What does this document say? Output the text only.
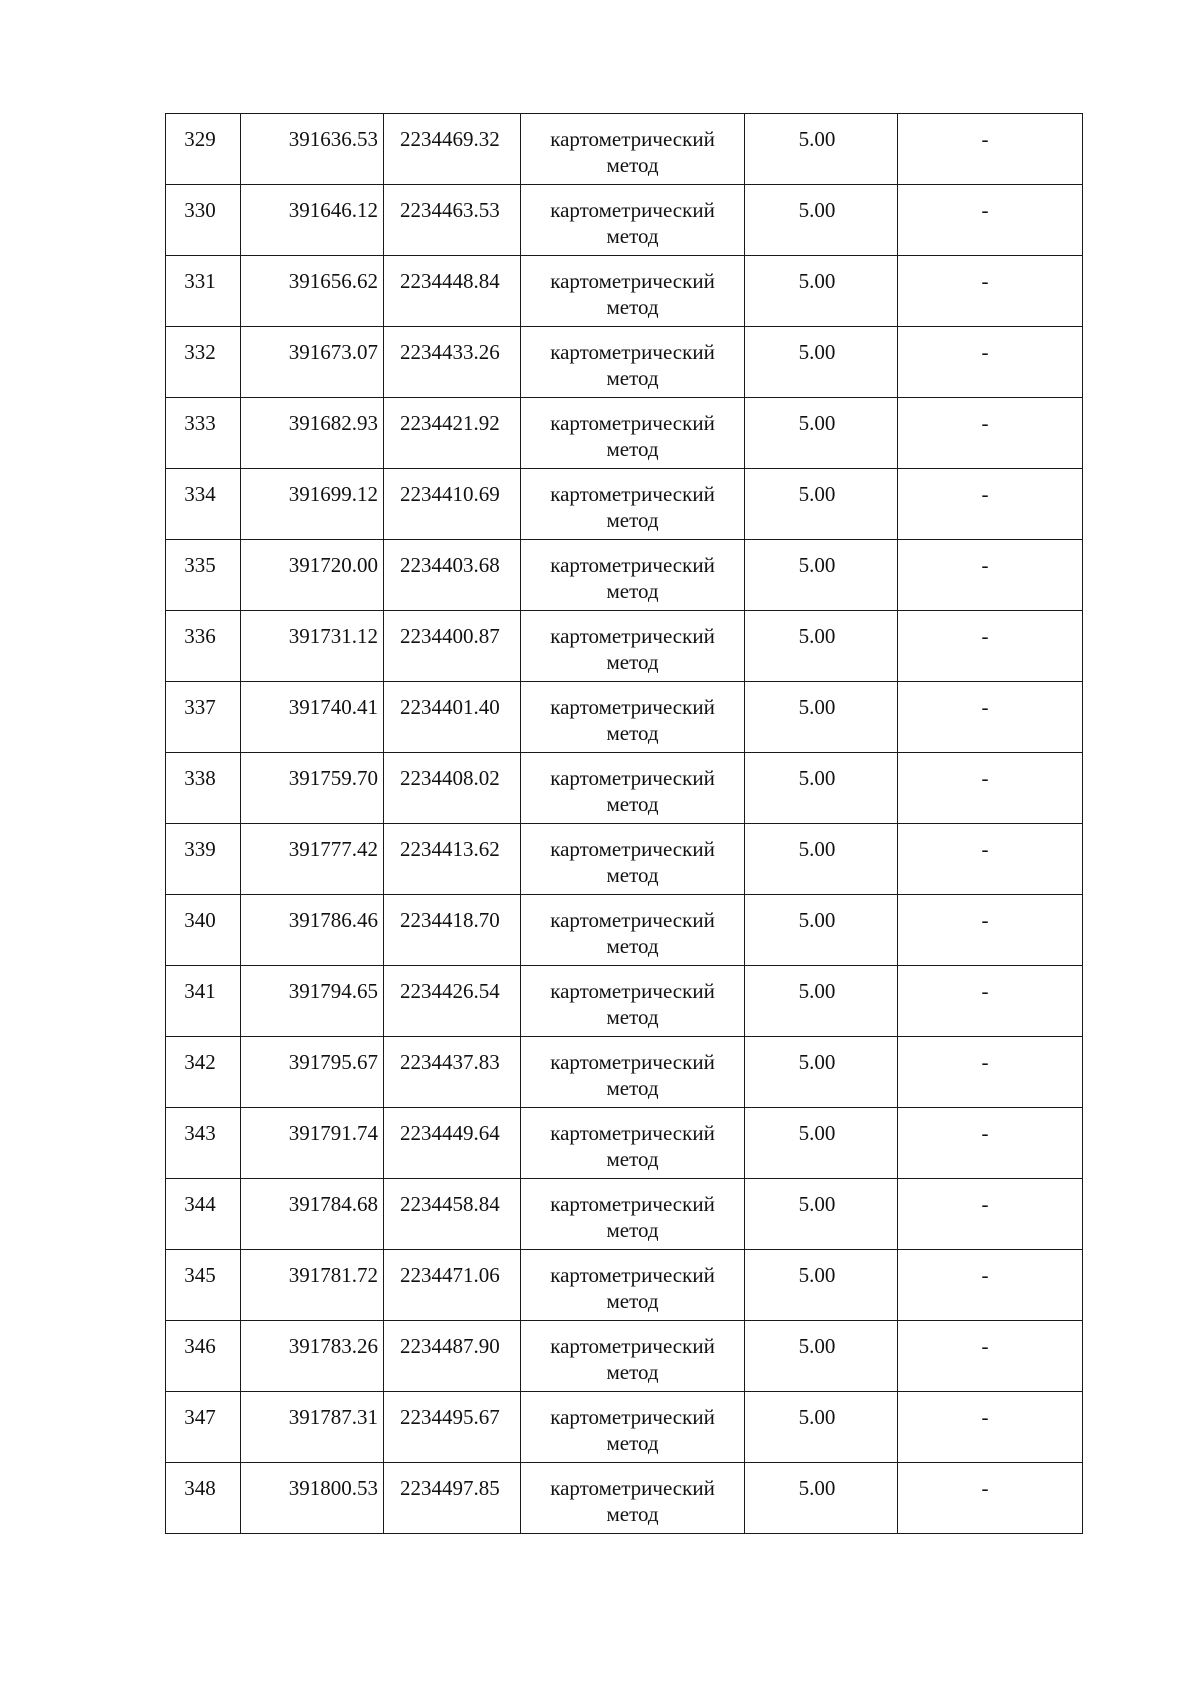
329	391636.53	2234469.32	картометрический
метод	5.00	-

330	391646.12	2234463.53	картометрический
метод	5.00	-

331	391656.62	2234448.84	картометрический
метод	5.00	-

332	391673.07	2234433.26	картометрический
метод	5.00	-

333	391682.93	2234421.92	картометрический
метод	5.00	-

334	391699.12	2234410.69	картометрический
метод	5.00	-

335	391720.00	2234403.68	картометрический
метод	5.00	-

336	391731.12	2234400.87	картометрический
метод	5.00	-

337	391740.41	2234401.40	картометрический
метод	5.00	-

338	391759.70	2234408.02	картометрический
метод	5.00	-

339	391777.42	2234413.62	картометрический
метод	5.00	-

340	391786.46	2234418.70	картометрический
метод	5.00	-

341	391794.65	2234426.54	картометрический
метод	5.00	-

342	391795.67	2234437.83	картометрический
метод	5.00	-

343	391791.74	2234449.64	картометрический
метод	5.00	-

344	391784.68	2234458.84	картометрический
метод	5.00	-

345	391781.72	2234471.06	картометрический
метод	5.00	-

346	391783.26	2234487.90	картометрический
метод	5.00	-

347	391787.31	2234495.67	картометрический
метод	5.00	-

348	391800.53	2234497.85	картометрический
метод	5.00	-
